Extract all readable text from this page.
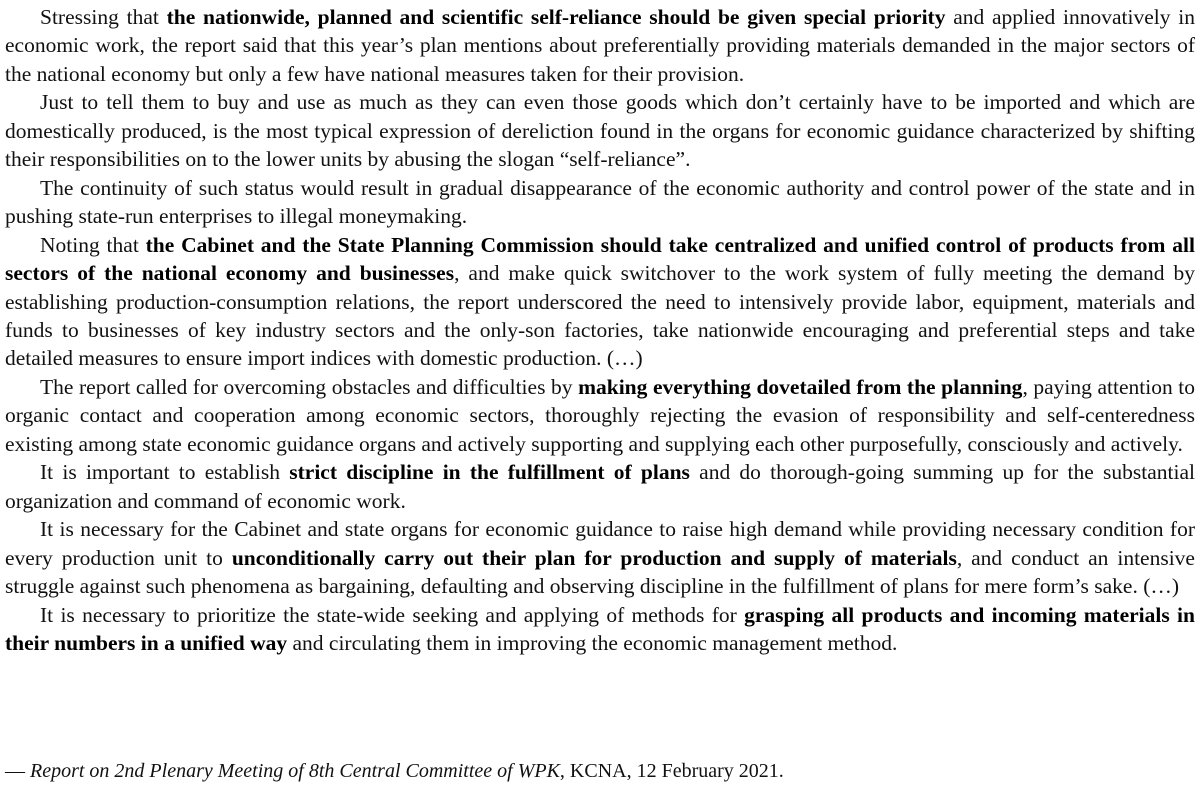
Stressing that the nationwide, planned and scientific self-reliance should be given special priority and applied innovatively in economic work, the report said that this year’s plan mentions about preferentially providing materials demanded in the major sectors of the national economy but only a few have national measures taken for their provision.

Just to tell them to buy and use as much as they can even those goods which don’t certainly have to be imported and which are domestically produced, is the most typical expression of dereliction found in the organs for economic guidance characterized by shifting their responsibilities on to the lower units by abusing the slogan “self-reliance”.

The continuity of such status would result in gradual disappearance of the economic authority and control power of the state and in pushing state-run enterprises to illegal moneymaking.

Noting that the Cabinet and the State Planning Commission should take centralized and unified control of products from all sectors of the national economy and businesses, and make quick switchover to the work system of fully meeting the demand by establishing production-consumption relations, the report underscored the need to intensively provide labor, equipment, materials and funds to businesses of key industry sectors and the only-son factories, take nationwide encouraging and preferential steps and take detailed measures to ensure import indices with domestic production. (…)

The report called for overcoming obstacles and difficulties by making everything dovetailed from the planning, paying attention to organic contact and cooperation among economic sectors, thoroughly rejecting the evasion of responsibility and self-centeredness existing among state economic guidance organs and actively supporting and supplying each other purposefully, consciously and actively.

It is important to establish strict discipline in the fulfillment of plans and do thorough-going summing up for the substantial organization and command of economic work.

It is necessary for the Cabinet and state organs for economic guidance to raise high demand while providing necessary condition for every production unit to unconditionally carry out their plan for production and supply of materials, and conduct an intensive struggle against such phenomena as bargaining, defaulting and observing discipline in the fulfillment of plans for mere form’s sake. (…)

It is necessary to prioritize the state-wide seeking and applying of methods for grasping all products and incoming materials in their numbers in a unified way and circulating them in improving the economic management method.

— Report on 2nd Plenary Meeting of 8th Central Committee of WPK, KCNA, 12 February 2021.
